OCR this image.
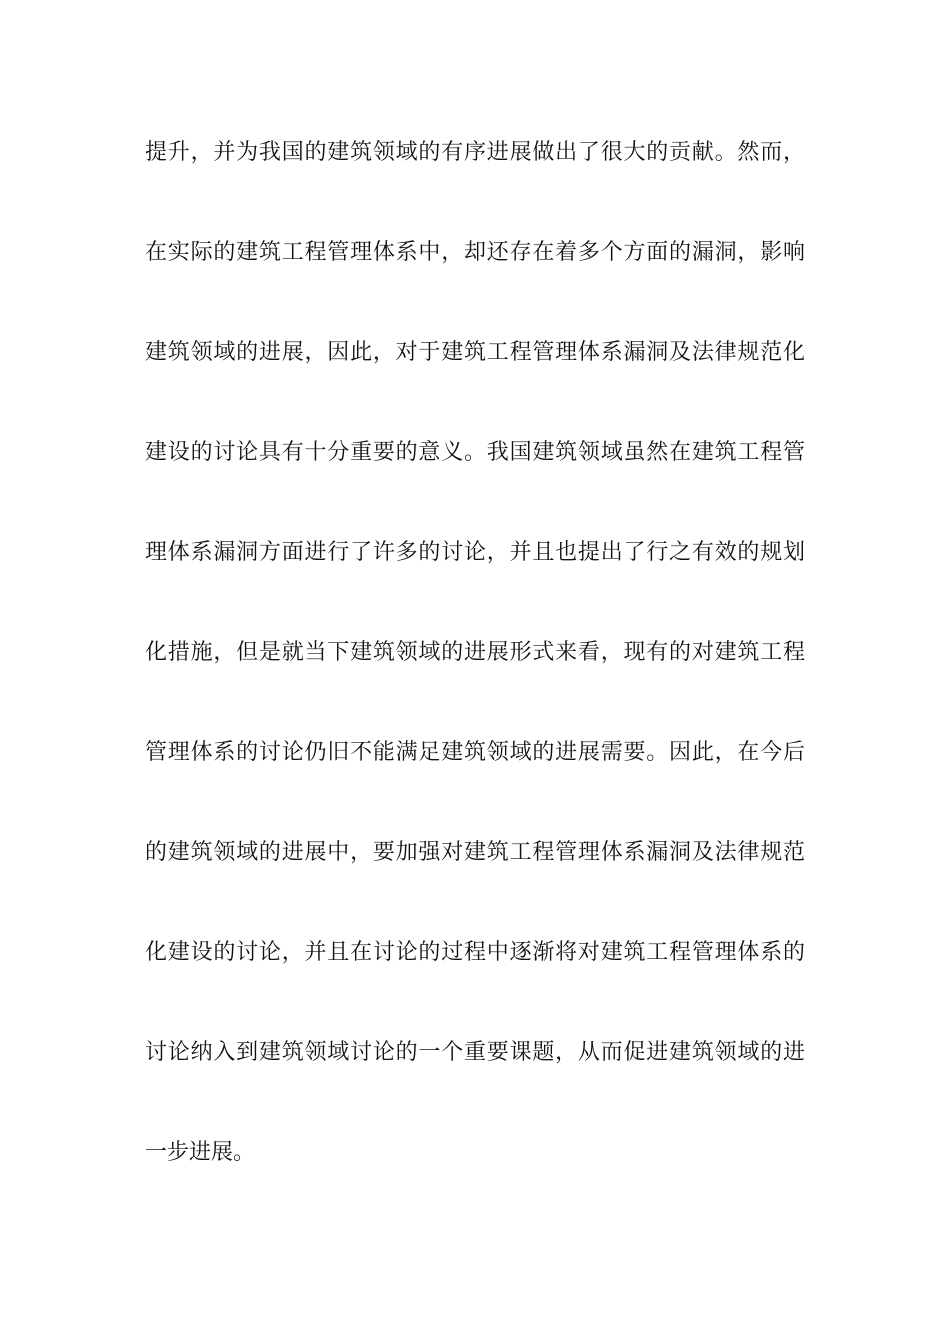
提升，并为我国的建筑领域的有序进展做出了很大的贡献。然而，
在实际的建筑工程管理体系中，却还存在着多个方面的漏洞，影响
建筑领域的进展，因此，对于建筑工程管理体系漏洞及法律规范化
建设的讨论具有十分重要的意义。我国建筑领域虽然在建筑工程管
理体系漏洞方面进行了许多的讨论，并且也提出了行之有效的规划
化措施，但是就当下建筑领域的进展形式来看，现有的对建筑工程
管理体系的讨论仍旧不能满足建筑领域的进展需要。因此，在今后
的建筑领域的进展中，要加强对建筑工程管理体系漏洞及法律规范
化建设的讨论，并且在讨论的过程中逐渐将对建筑工程管理体系的
讨论纳入到建筑领域讨论的一个重要课题，从而促进建筑领域的进
一步进展。
